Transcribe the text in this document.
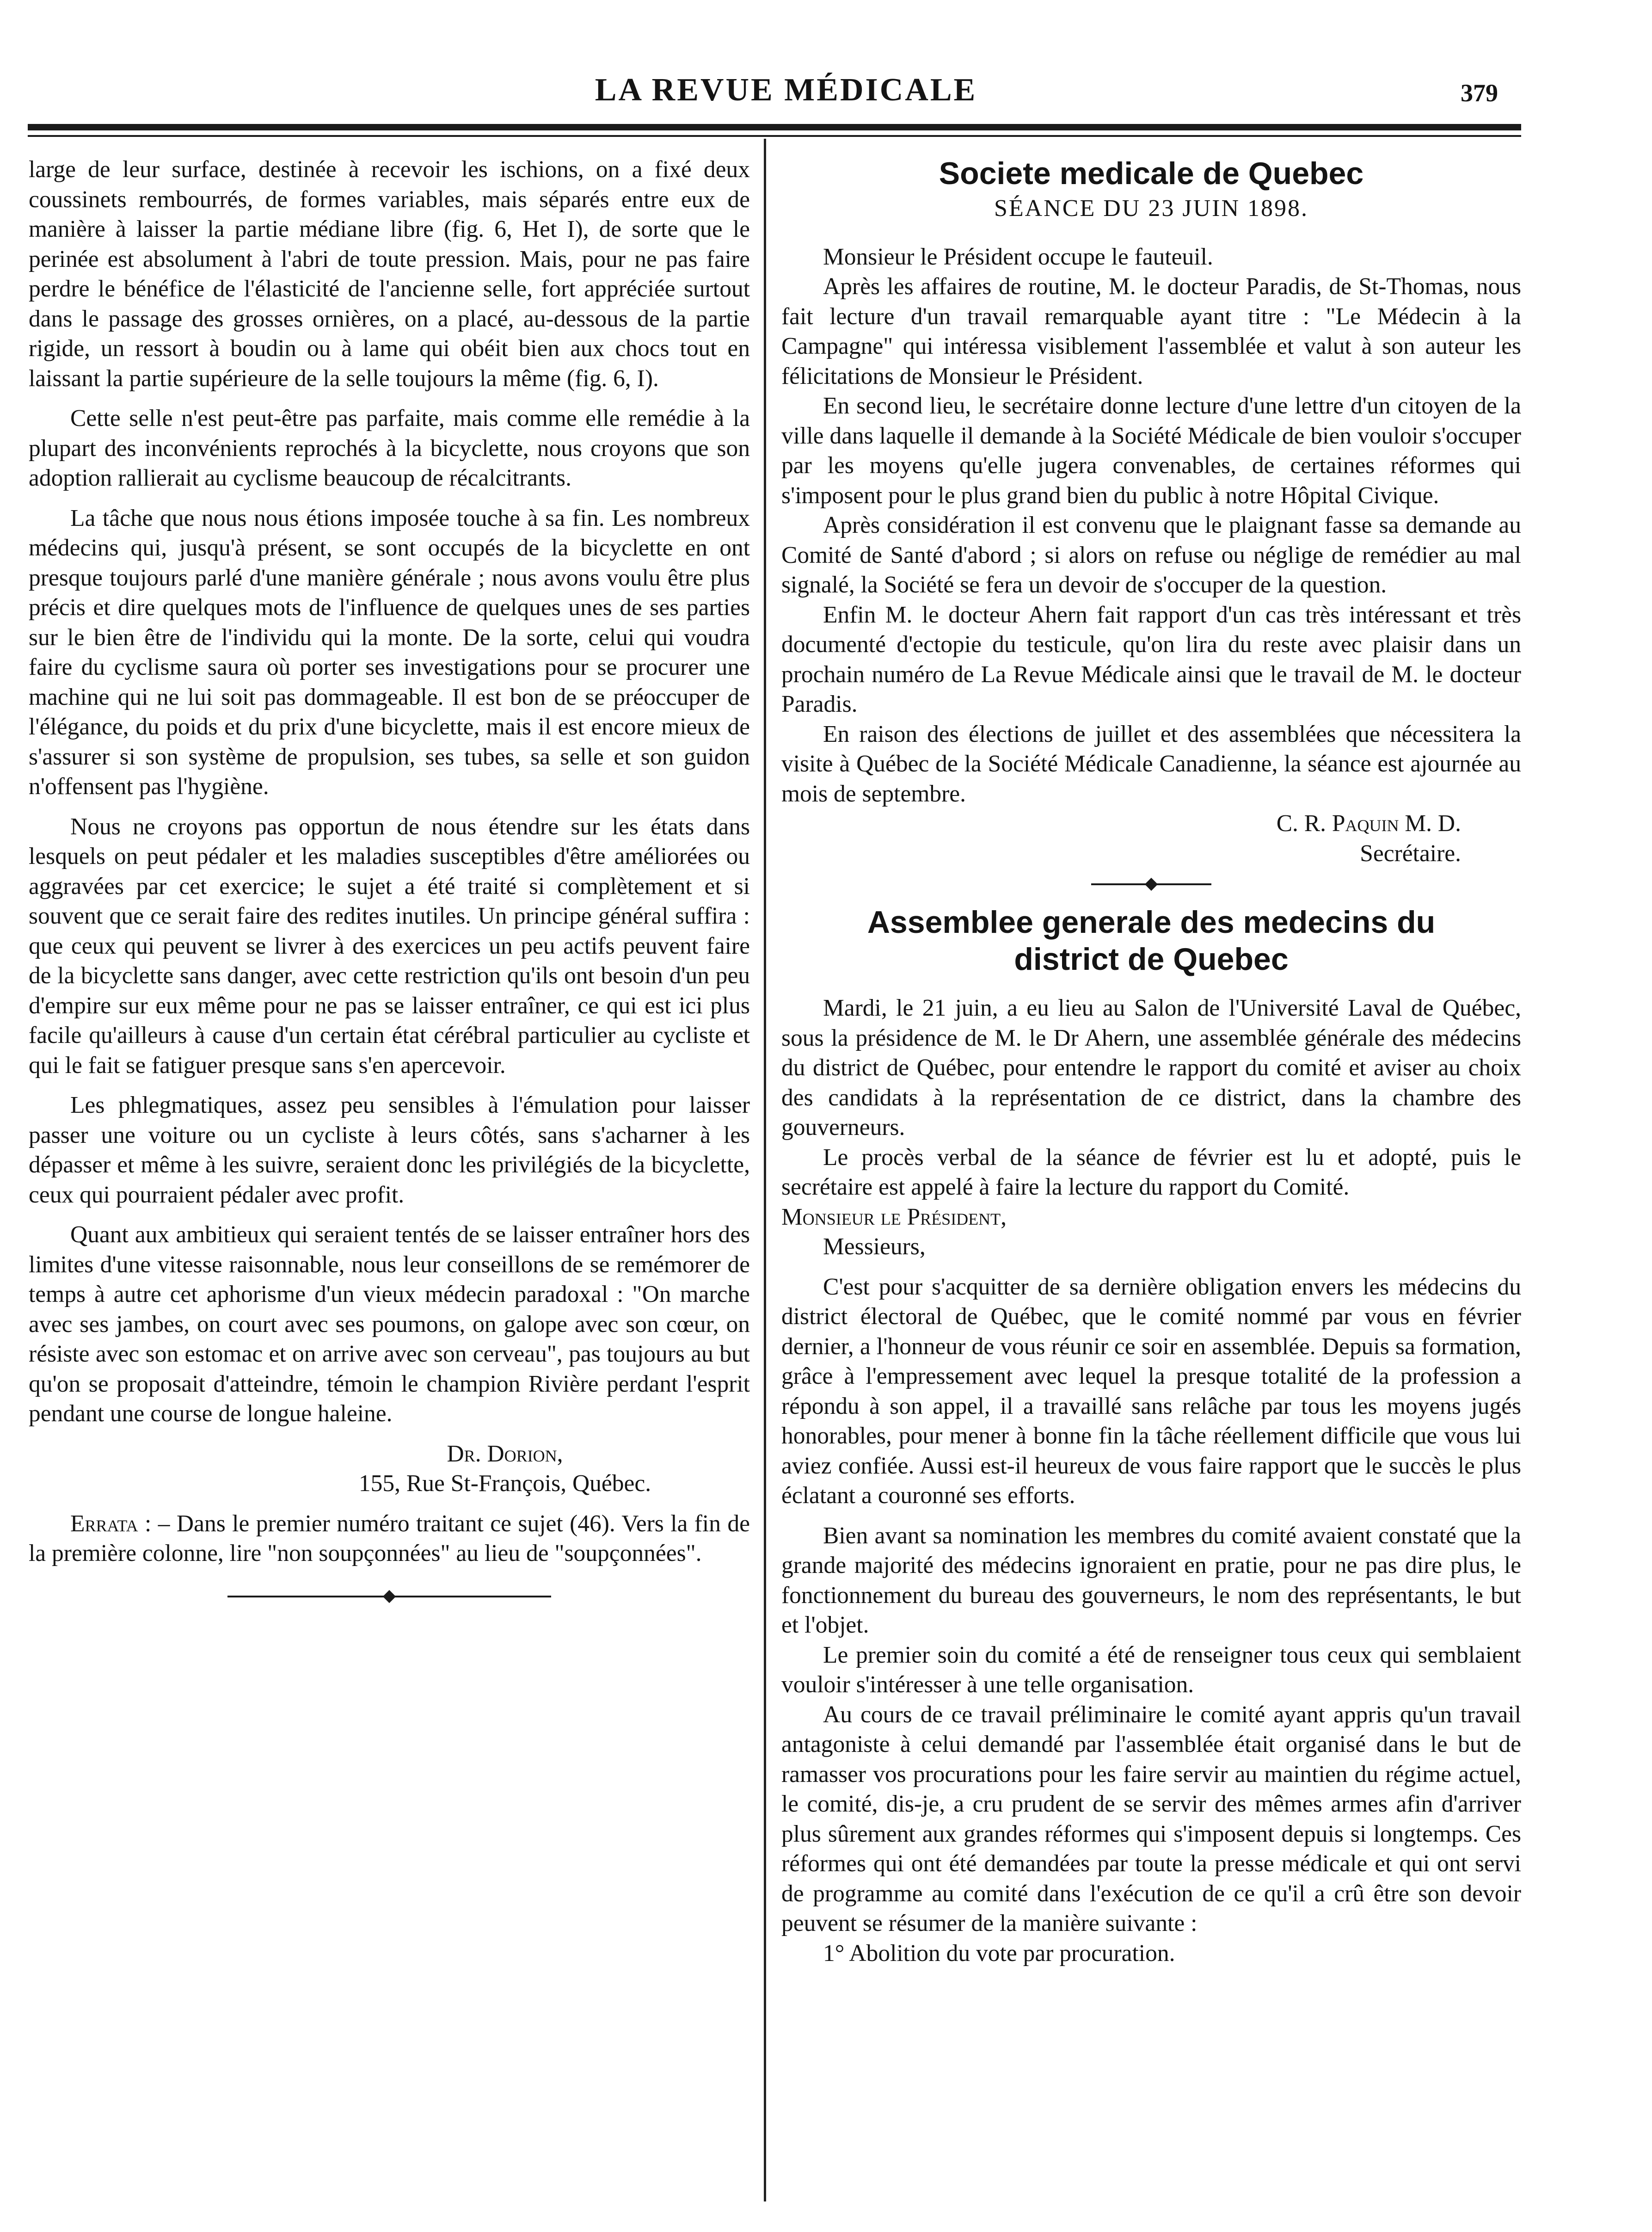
LA REVUE MÉDICALE	379

large de leur surface, destinée à recevoir les ischions, on a fixé deux coussinets rembourrés, de formes variables, mais séparés entre eux de manière à laisser la partie médiane libre (fig. 6, Het I), de sorte que le perinée est absolument à l'abri de toute pression. Mais, pour ne pas faire perdre le bénéfice de l'élasticité de l'ancienne selle, fort appréciée surtout dans le passage des grosses ornières, on a placé, au-dessous de la partie rigide, un ressort à boudin ou à lame qui obéit bien aux chocs tout en laissant la partie supérieure de la selle toujours la même (fig. 6, I).

Cette selle n'est peut-être pas parfaite, mais comme elle remédie à la plupart des inconvénients reprochés à la bicyclette, nous croyons que son adoption rallierait au cyclisme beaucoup de récalcitrants.

La tâche que nous nous étions imposée touche à sa fin. Les nombreux médecins qui, jusqu'à présent, se sont occupés de la bicyclette en ont presque toujours parlé d'une manière générale ; nous avons voulu être plus précis et dire quelques mots de l'influence de quelques unes de ses parties sur le bien être de l'individu qui la monte. De la sorte, celui qui voudra faire du cyclisme saura où porter ses investigations pour se procurer une machine qui ne lui soit pas dommageable. Il est bon de se préoccuper de l'élégance, du poids et du prix d'une bicyclette, mais il est encore mieux de s'assurer si son système de propulsion, ses tubes, sa selle et son guidon n'offensent pas l'hygiène.

Nous ne croyons pas opportun de nous étendre sur les états dans lesquels on peut pédaler et les maladies susceptibles d'être améliorées ou aggravées par cet exercice; le sujet a été traité si complètement et si souvent que ce serait faire des redites inutiles. Un principe général suffira : que ceux qui peuvent se livrer à des exercices un peu actifs peuvent faire de la bicyclette sans danger, avec cette restriction qu'ils ont besoin d'un peu d'empire sur eux même pour ne pas se laisser entraîner, ce qui est ici plus facile qu'ailleurs à cause d'un certain état cérébral particulier au cycliste et qui le fait se fatiguer presque sans s'en apercevoir.

Les phlegmatiques, assez peu sensibles à l'émulation pour laisser passer une voiture ou un cycliste à leurs côtés, sans s'acharner à les dépasser et même à les suivre, seraient donc les privilégiés de la bicyclette, ceux qui pourraient pédaler avec profit.

Quant aux ambitieux qui seraient tentés de se laisser entraîner hors des limites d'une vitesse raisonnable, nous leur conseillons de se remémorer de temps à autre cet aphorisme d'un vieux médecin paradoxal : "On marche avec ses jambes, on court avec ses poumons, on galope avec son cœur, on résiste avec son estomac et on arrive avec son cerveau", pas toujours au but qu'on se proposait d'atteindre, témoin le champion Rivière perdant l'esprit pendant une course de longue haleine.

Dr. Dorion,
155, Rue St-François, Québec.

Errata : – Dans le premier numéro traitant ce sujet (46). Vers la fin de la première colonne, lire "non soupçonnées" au lieu de "soupçonnées".

Societe medicale de Quebec
SÉANCE DU 23 JUIN 1898.

Monsieur le Président occupe le fauteuil.

Après les affaires de routine, M. le docteur Paradis, de St-Thomas, nous fait lecture d'un travail remarquable ayant titre : "Le Médecin à la Campagne" qui intéressa visiblement l'assemblée et valut à son auteur les félicitations de Monsieur le Président.

En second lieu, le secrétaire donne lecture d'une lettre d'un citoyen de la ville dans laquelle il demande à la Société Médicale de bien vouloir s'occuper par les moyens qu'elle jugera convenables, de certaines réformes qui s'imposent pour le plus grand bien du public à notre Hôpital Civique.

Après considération il est convenu que le plaignant fasse sa demande au Comité de Santé d'abord ; si alors on refuse ou néglige de remédier au mal signalé, la Société se fera un devoir de s'occuper de la question.

Enfin M. le docteur Ahern fait rapport d'un cas très intéressant et très documenté d'ectopie du testicule, qu'on lira du reste avec plaisir dans un prochain numéro de La Revue Médicale ainsi que le travail de M. le docteur Paradis.

En raison des élections de juillet et des assemblées que nécessitera la visite à Québec de la Société Médicale Canadienne, la séance est ajournée au mois de septembre.

C. R. Paquin M. D.
Secrétaire.
Assemblee generale des medecins du
district de Quebec

Mardi, le 21 juin, a eu lieu au Salon de l'Université Laval de Québec, sous la présidence de M. le Dr Ahern, une assemblée générale des médecins du district de Québec, pour entendre le rapport du comité et aviser au choix des candidats à la représentation de ce district, dans la chambre des gouverneurs.

Le procès verbal de la séance de février est lu et adopté, puis le secrétaire est appelé à faire la lecture du rapport du Comité.

Monsieur le Président,

Messieurs,

C'est pour s'acquitter de sa dernière obligation envers les médecins du district électoral de Québec, que le comité nommé par vous en février dernier, a l'honneur de vous réunir ce soir en assemblée. Depuis sa formation, grâce à l'empressement avec lequel la presque totalité de la profession a répondu à son appel, il a travaillé sans relâche par tous les moyens jugés honorables, pour mener à bonne fin la tâche réellement difficile que vous lui aviez confiée. Aussi est-il heureux de vous faire rapport que le succès le plus éclatant a couronné ses efforts.

Bien avant sa nomination les membres du comité avaient constaté que la grande majorité des médecins ignoraient en pratie, pour ne pas dire plus, le fonctionnement du bureau des gouverneurs, le nom des représentants, le but et l'objet.

Le premier soin du comité a été de renseigner tous ceux qui semblaient vouloir s'intéresser à une telle organisation.

Au cours de ce travail préliminaire le comité ayant appris qu'un travail antagoniste à celui demandé par l'assemblée était organisé dans le but de ramasser vos procurations pour les faire servir au maintien du régime actuel, le comité, dis-je, a cru prudent de se servir des mêmes armes afin d'arriver plus sûrement aux grandes réformes qui s'imposent depuis si longtemps. Ces réformes qui ont été demandées par toute la presse médicale et qui ont servi de programme au comité dans l'exécution de ce qu'il a crû être son devoir peuvent se résumer de la manière suivante :

1° Abolition du vote par procuration.
